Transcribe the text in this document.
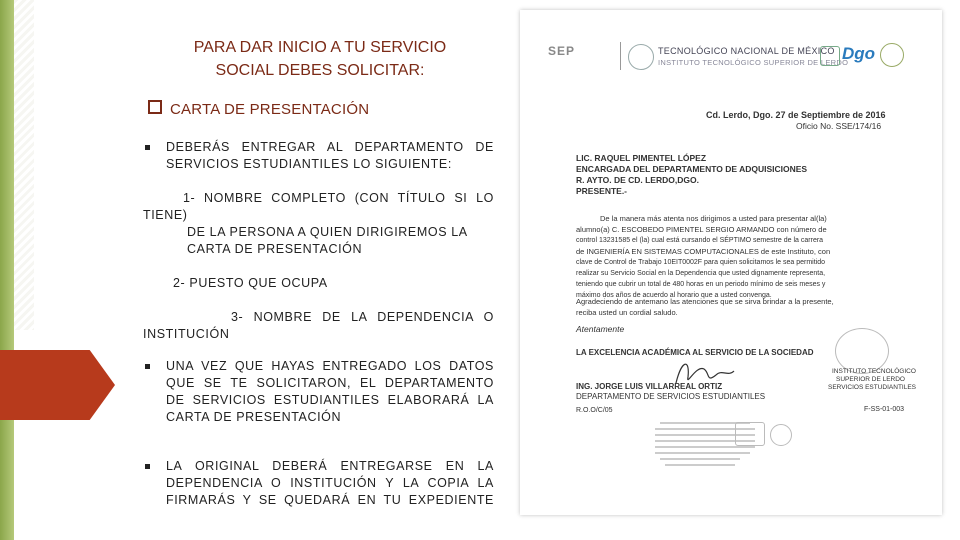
PARA DAR INICIO A TU SERVICIO
SOCIAL DEBES SOLICITAR:
CARTA DE PRESENTACIÓN
DEBERÁS ENTREGAR AL DEPARTAMENTO DE
SERVICIOS ESTUDIANTILES LO SIGUIENTE:
1- NOMBRE COMPLETO (CON TÍTULO SI LO
TIENE)
DE LA PERSONA A QUIEN DIRIGIREMOS LA
CARTA DE PRESENTACIÓN
2- PUESTO QUE OCUPA
3- NOMBRE DE LA DEPENDENCIA O
INSTITUCIÓN
UNA VEZ QUE HAYAS ENTREGADO LOS DATOS
QUE SE TE SOLICITARON, EL DEPARTAMENTO
DE SERVICIOS ESTUDIANTILES ELABORARÁ LA
CARTA DE PRESENTACIÓN
LA ORIGINAL DEBERÁ ENTREGARSE EN LA
DEPENDENCIA O INSTITUCIÓN Y LA COPIA LA
FIRMARÁS Y SE QUEDARÁ EN TU EXPEDIENTE
SEP	TECNOLÓGICO NACIONAL DE MÉXICO
INSTITUTO TECNOLÓGICO SUPERIOR DE LERDO
Dgo
Cd. Lerdo, Dgo. 27 de Septiembre de 2016
Oficio No. SSE/174/16
LIC. RAQUEL PIMENTEL LÓPEZ
ENCARGADA DEL DEPARTAMENTO DE ADQUISICIONES
R. AYTO. DE CD. LERDO,DGO.
PRESENTE.-
De la manera más atenta nos dirigimos a usted para presentar al(la)
alumno(a) C. ESCOBEDO PIMENTEL SERGIO ARMANDO con número de
control 13231585 el (la) cual está cursando el SÉPTIMO semestre de la carrera
de INGENIERÍA EN SISTEMAS COMPUTACIONALES de este Instituto, con
clave de Control de Trabajo 10EIT0002F para quien solicitamos le sea permitido
realizar su Servicio Social en la Dependencia que usted dignamente representa,
teniendo que cubrir un total de 480 horas en un periodo mínimo de seis meses y
máximo dos años de acuerdo al horario que a usted convenga.
Agradeciendo de antemano las atenciones que se sirva brindar a la presente,
reciba usted un cordial saludo.
Atentamente
LA EXCELENCIA ACADÉMICA AL SERVICIO DE LA SOCIEDAD
INSTITUTO TECNOLÓGICO
SUPERIOR DE LERDO
SERVICIOS ESTUDIANTILES
ING. JORGE LUIS VILLARREAL ORTIZ
DEPARTAMENTO DE SERVICIOS ESTUDIANTILES
R.O.O/C/05	F-SS-01-003
